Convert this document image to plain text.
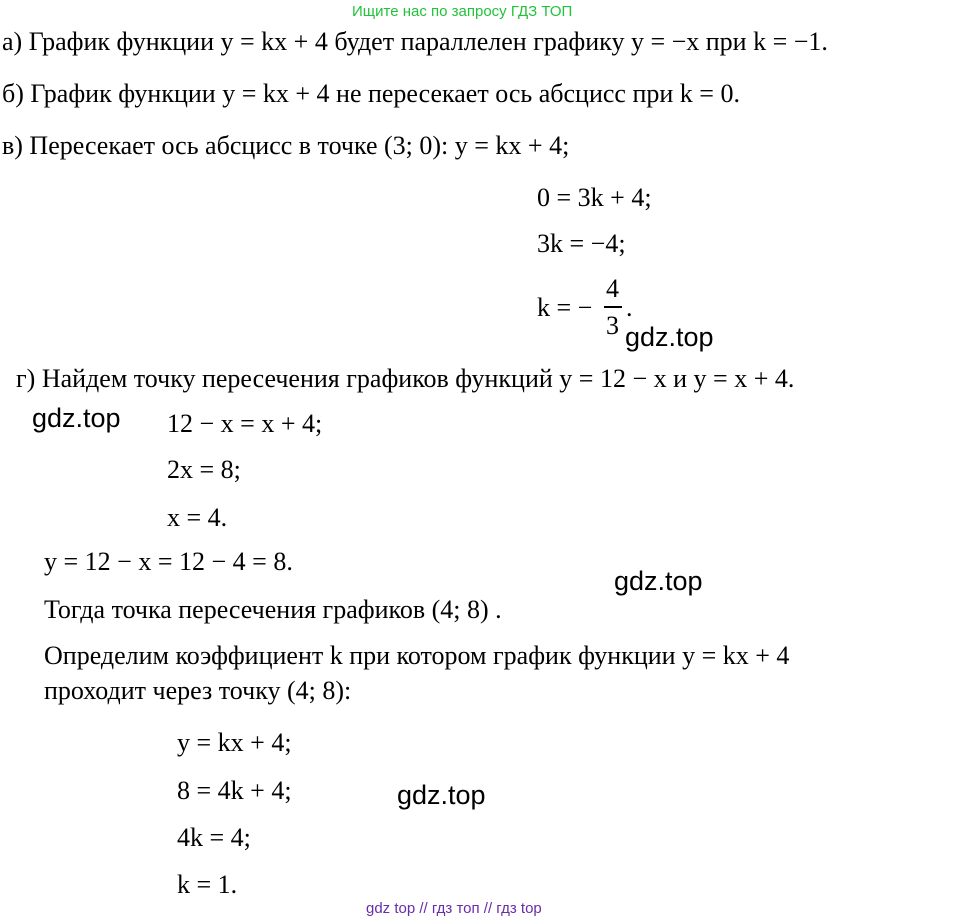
Ищите нас по запросу ГДЗ ТОП
а) График функции y = kx + 4 будет параллелен графику y = −x при k = −1.
б) График функции y = kx + 4 не пересекает ось абсцисс при k = 0.
в) Пересекает ось абсцисс в точке (3; 0): y = kx + 4;
0 = 3k + 4;
3k = −4;
k = −
4
3
.
gdz.top
г) Найдем точку пересечения графиков функций y = 12 − x и y = x + 4.
gdz.top 12 − x = x + 4;
2x = 8;
x = 4.
y = 12 − x = 12 − 4 = 8.
gdz.top
Тогда точка пересечения графиков (4; 8) .
Определим коэффициент k при котором график функции y = kx + 4
проходит через точку (4; 8):
y = kx + 4;
8 = 4k + 4;	gdz.top
4k = 4;
k = 1.
gdz top // гдз топ // гдз top
